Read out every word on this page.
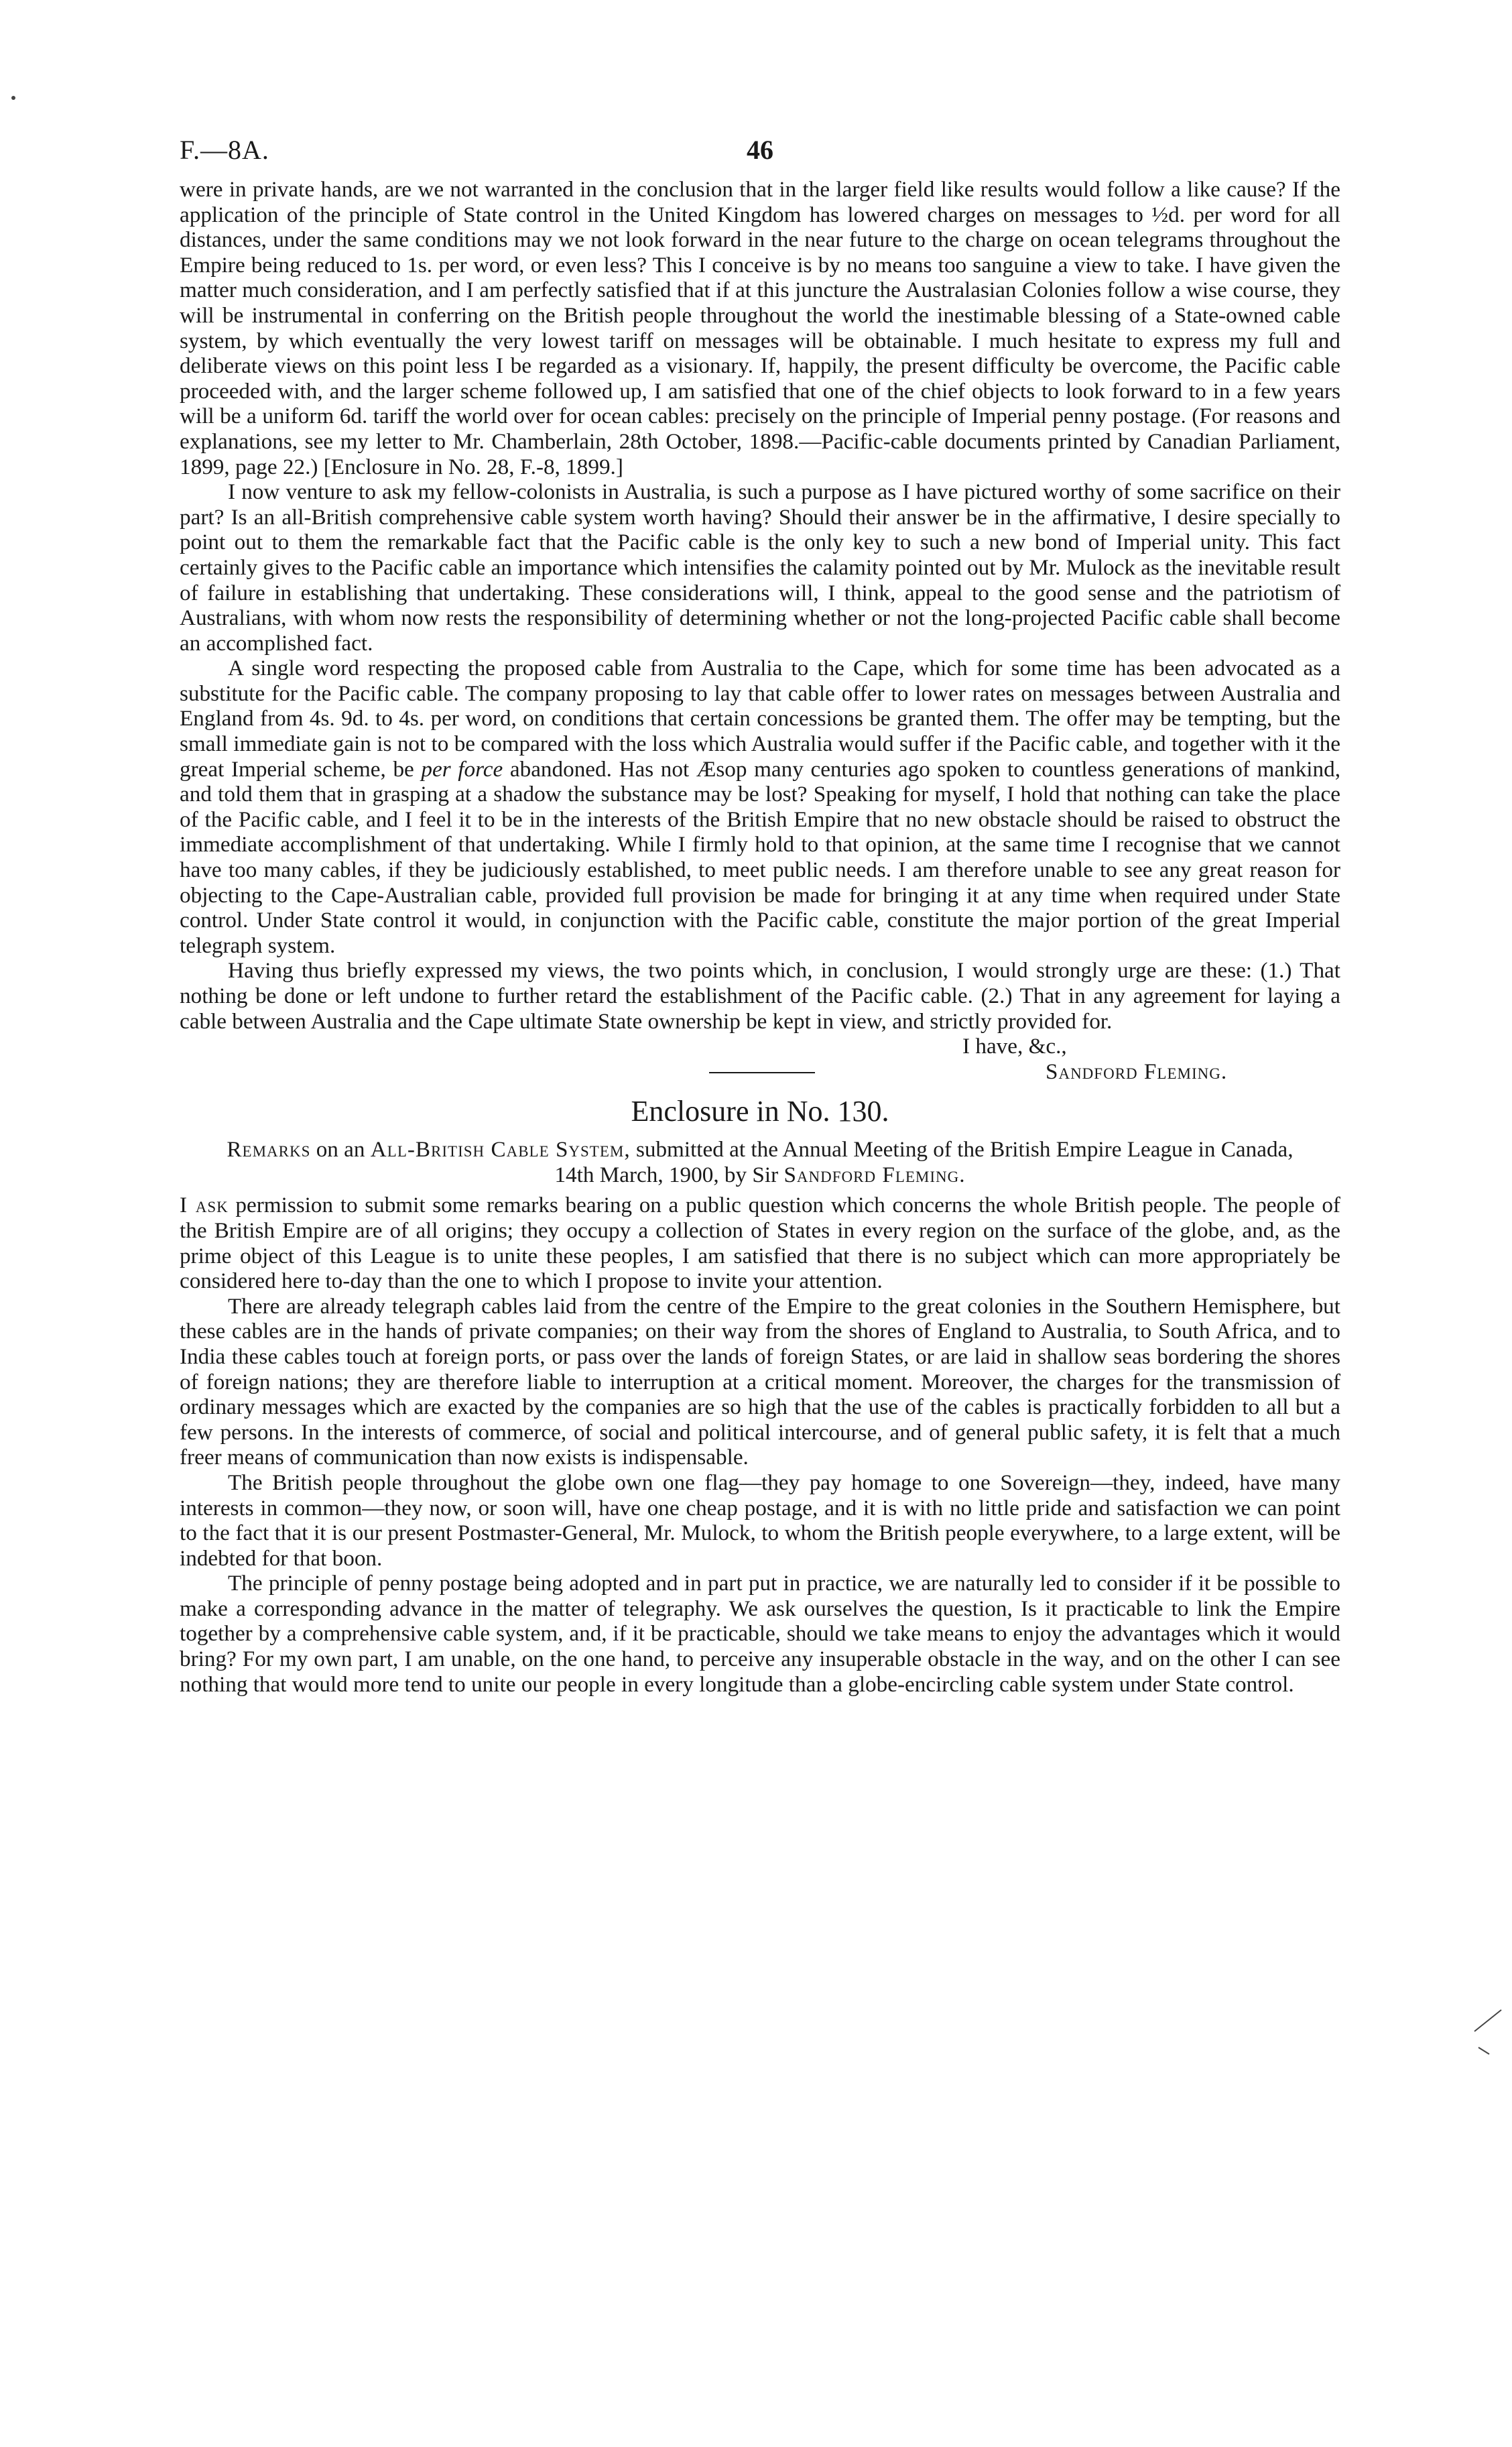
F.—8A.	46

were in private hands, are we not warranted in the conclusion that in the larger field like results would follow a like cause? If the application of the principle of State control in the United Kingdom has lowered charges on messages to ½d. per word for all distances, under the same conditions may we not look forward in the near future to the charge on ocean telegrams throughout the Empire being reduced to 1s. per word, or even less? This I conceive is by no means too sanguine a view to take. I have given the matter much consideration, and I am perfectly satisfied that if at this juncture the Australasian Colonies follow a wise course, they will be instrumental in conferring on the British people throughout the world the inestimable blessing of a State-owned cable system, by which eventually the very lowest tariff on messages will be obtainable. I much hesitate to express my full and deliberate views on this point less I be regarded as a visionary. If, happily, the present difficulty be overcome, the Pacific cable proceeded with, and the larger scheme followed up, I am satisfied that one of the chief objects to look forward to in a few years will be a uniform 6d. tariff the world over for ocean cables: precisely on the principle of Imperial penny postage. (For reasons and explanations, see my letter to Mr. Chamberlain, 28th October, 1898.—Pacific-cable documents printed by Canadian Parliament, 1899, page 22.) [Enclosure in No. 28, F.-8, 1899.]

I now venture to ask my fellow-colonists in Australia, is such a purpose as I have pictured worthy of some sacrifice on their part? Is an all-British comprehensive cable system worth having? Should their answer be in the affirmative, I desire specially to point out to them the remarkable fact that the Pacific cable is the only key to such a new bond of Imperial unity. This fact certainly gives to the Pacific cable an importance which intensifies the calamity pointed out by Mr. Mulock as the inevitable result of failure in establishing that undertaking. These considerations will, I think, appeal to the good sense and the patriotism of Australians, with whom now rests the responsibility of determining whether or not the long-projected Pacific cable shall become an accomplished fact.

A single word respecting the proposed cable from Australia to the Cape, which for some time has been advocated as a substitute for the Pacific cable. The company proposing to lay that cable offer to lower rates on messages between Australia and England from 4s. 9d. to 4s. per word, on conditions that certain concessions be granted them. The offer may be tempting, but the small immediate gain is not to be compared with the loss which Australia would suffer if the Pacific cable, and together with it the great Imperial scheme, be per force abandoned. Has not Æsop many centuries ago spoken to countless generations of mankind, and told them that in grasping at a shadow the substance may be lost? Speaking for myself, I hold that nothing can take the place of the Pacific cable, and I feel it to be in the interests of the British Empire that no new obstacle should be raised to obstruct the immediate accomplishment of that undertaking. While I firmly hold to that opinion, at the same time I recognise that we cannot have too many cables, if they be judiciously established, to meet public needs. I am therefore unable to see any great reason for objecting to the Cape-Australian cable, provided full provision be made for bringing it at any time when required under State control. Under State control it would, in conjunction with the Pacific cable, constitute the major portion of the great Imperial telegraph system.

Having thus briefly expressed my views, the two points which, in conclusion, I would strongly urge are these: (1.) That nothing be done or left undone to further retard the establishment of the Pacific cable. (2.) That in any agreement for laying a cable between Australia and the Cape ultimate State ownership be kept in view, and strictly provided for.

I have, &c.,
Sandford Fleming.
Enclosure in No. 130.
Remarks on an All-British Cable System, submitted at the Annual Meeting of the British Empire League in Canada, 14th March, 1900, by Sir Sandford Fleming.

I ask permission to submit some remarks bearing on a public question which concerns the whole British people. The people of the British Empire are of all origins; they occupy a collection of States in every region on the surface of the globe, and, as the prime object of this League is to unite these peoples, I am satisfied that there is no subject which can more appropriately be considered here to-day than the one to which I propose to invite your attention.

There are already telegraph cables laid from the centre of the Empire to the great colonies in the Southern Hemisphere, but these cables are in the hands of private companies; on their way from the shores of England to Australia, to South Africa, and to India these cables touch at foreign ports, or pass over the lands of foreign States, or are laid in shallow seas bordering the shores of foreign nations; they are therefore liable to interruption at a critical moment. Moreover, the charges for the transmission of ordinary messages which are exacted by the companies are so high that the use of the cables is practically forbidden to all but a few persons. In the interests of commerce, of social and political intercourse, and of general public safety, it is felt that a much freer means of communication than now exists is indispensable.

The British people throughout the globe own one flag—they pay homage to one Sovereign—they, indeed, have many interests in common—they now, or soon will, have one cheap postage, and it is with no little pride and satisfaction we can point to the fact that it is our present Postmaster-General, Mr. Mulock, to whom the British people everywhere, to a large extent, will be indebted for that boon.

The principle of penny postage being adopted and in part put in practice, we are naturally led to consider if it be possible to make a corresponding advance in the matter of telegraphy. We ask ourselves the question, Is it practicable to link the Empire together by a comprehensive cable system, and, if it be practicable, should we take means to enjoy the advantages which it would bring? For my own part, I am unable, on the one hand, to perceive any insuperable obstacle in the way, and on the other I can see nothing that would more tend to unite our people in every longitude than a globe-encircling cable system under State control.
